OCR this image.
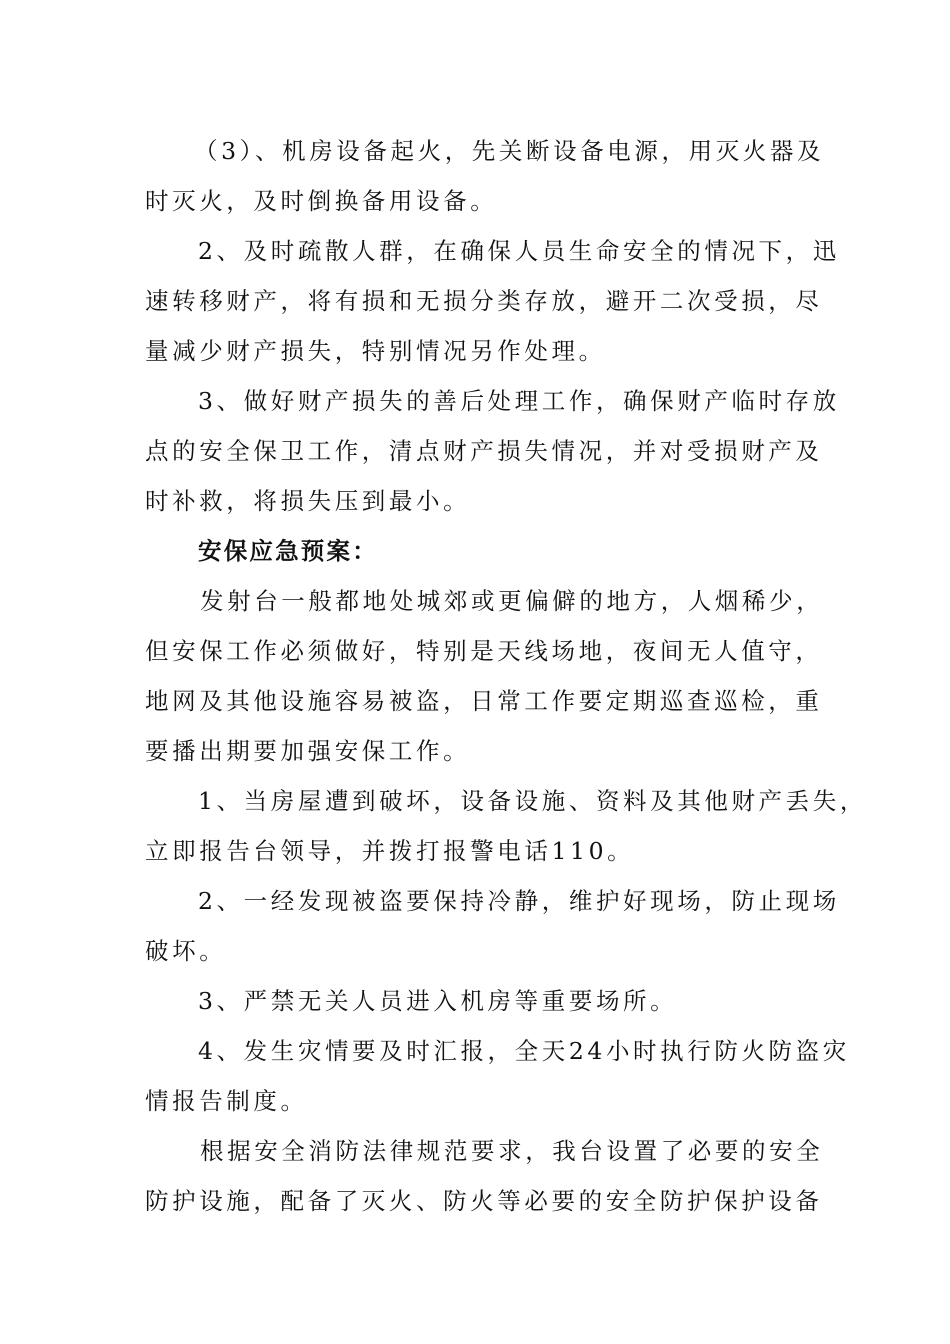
（3）、机房设备起火，先关断设备电源，用灭火器及
时灭火，及时倒换备用设备。
2、及时疏散人群，在确保人员生命安全的情况下，迅
速转移财产，将有损和无损分类存放，避开二次受损，尽
量减少财产损失，特别情况另作处理。
3、做好财产损失的善后处理工作，确保财产临时存放
点的安全保卫工作，清点财产损失情况，并对受损财产及
时补救，将损失压到最小。
安保应急预案：
发射台一般都地处城郊或更偏僻的地方，人烟稀少，
但安保工作必须做好，特别是天线场地，夜间无人值守，
地网及其他设施容易被盗，日常工作要定期巡查巡检，重
要播出期要加强安保工作。
1、当房屋遭到破坏，设备设施、资料及其他财产丢失，
立即报告台领导，并拨打报警电话110。
2、一经发现被盗要保持冷静，维护好现场，防止现场
破坏。
3、严禁无关人员进入机房等重要场所。
4、发生灾情要及时汇报，全天24小时执行防火防盗灾
情报告制度。
根据安全消防法律规范要求，我台设置了必要的安全
防护设施，配备了灭火、防火等必要的安全防护保护设备
